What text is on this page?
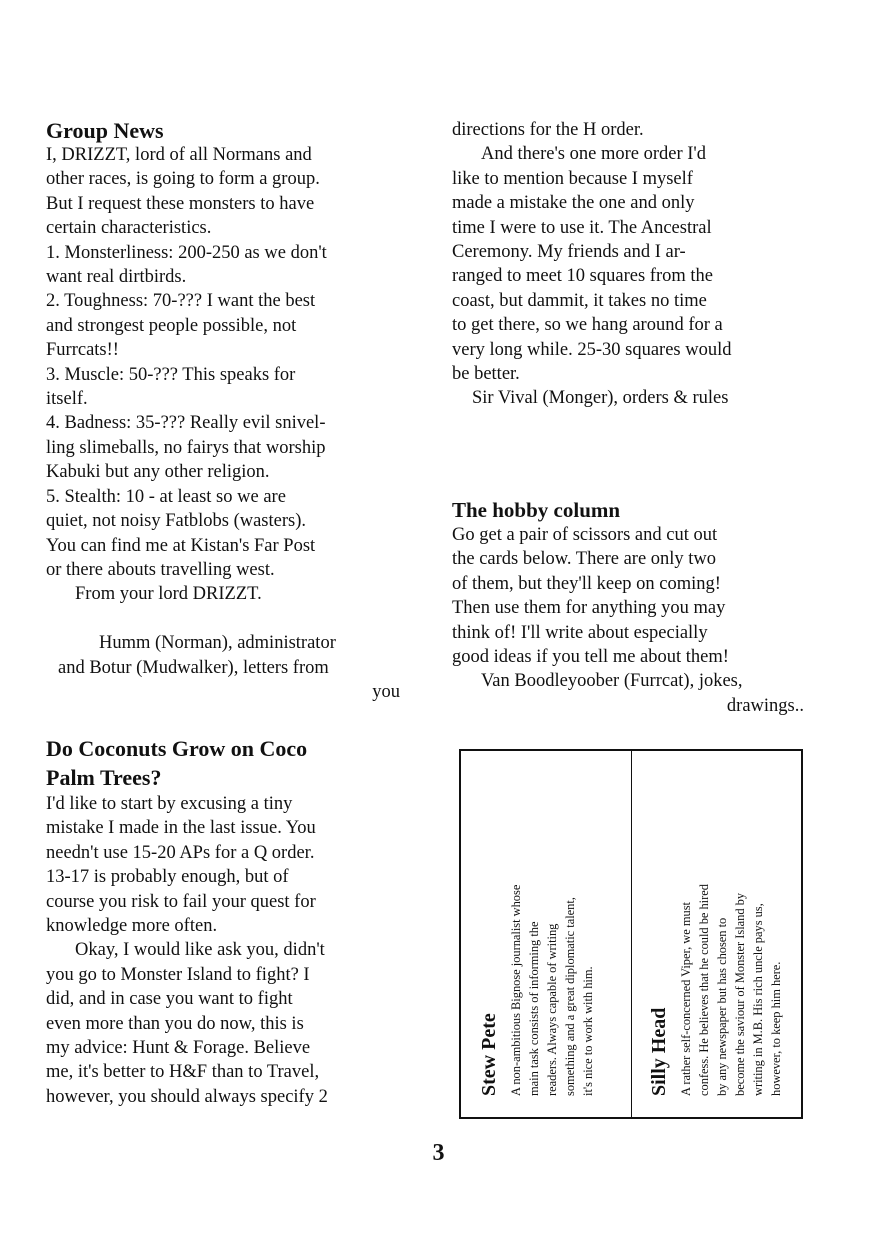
Group News
I, DRIZZT, lord of all Normans and
other races, is going to form a group.
But I request these monsters to have
certain characteristics.
1. Monsterliness: 200-250 as we don't
want real dirtbirds.
2. Toughness: 70-??? I want the best
and strongest people possible, not
Furrcats!!
3. Muscle: 50-??? This speaks for
itself.
4. Badness: 35-??? Really evil snivel-
ling slimeballs, no fairys that worship
Kabuki but any other religion.
5. Stealth: 10 - at least so we are
quiet, not noisy Fatblobs (wasters).
You can find me at Kistan's Far Post
or there abouts travelling west.
From your lord DRIZZT.

Humm (Norman), administrator
and Botur (Mudwalker), letters from
you
Do Coconuts Grow on Coco
Palm Trees?
I'd like to start by excusing a tiny
mistake I made in the last issue. You
needn't use 15-20 APs for a Q order.
13-17 is probably enough, but of
course you risk to fail your quest for
knowledge more often.
Okay, I would like ask you, didn't
you go to Monster Island to fight? I
did, and in case you want to fight
even more than you do now, this is
my advice: Hunt & Forage. Believe
me, it's better to H&F than to Travel,
however, you should always specify 2
directions for the H order.
And there's one more order I'd
like to mention because I myself
made a mistake the one and only
time I were to use it. The Ancestral
Ceremony. My friends and I ar-
ranged to meet 10 squares from the
coast, but dammit, it takes no time
to get there, so we hang around for a
very long while. 25-30 squares would
be better.
Sir Vival (Monger), orders & rules
The hobby column
Go get a pair of scissors and cut out
the cards below. There are only two
of them, but they'll keep on coming!
Then use them for anything you may
think of! I'll write about especially
good ideas if you tell me about them!
Van Boodleyoober (Furrcat), jokes,
drawings..
Stew Pete A non-ambitious Bignose journalist whose main task consists of informing the readers. Always capable of writing something and a great diplomatic talent, it's nice to work with him.	Silly Head A rather self-concerned Viper, we must confess. He believes that he could be hired by any newspaper but has chosen to become the saviour of Monster Island by writing in M.B. His rich uncle pays us, however, to keep him here.
3
